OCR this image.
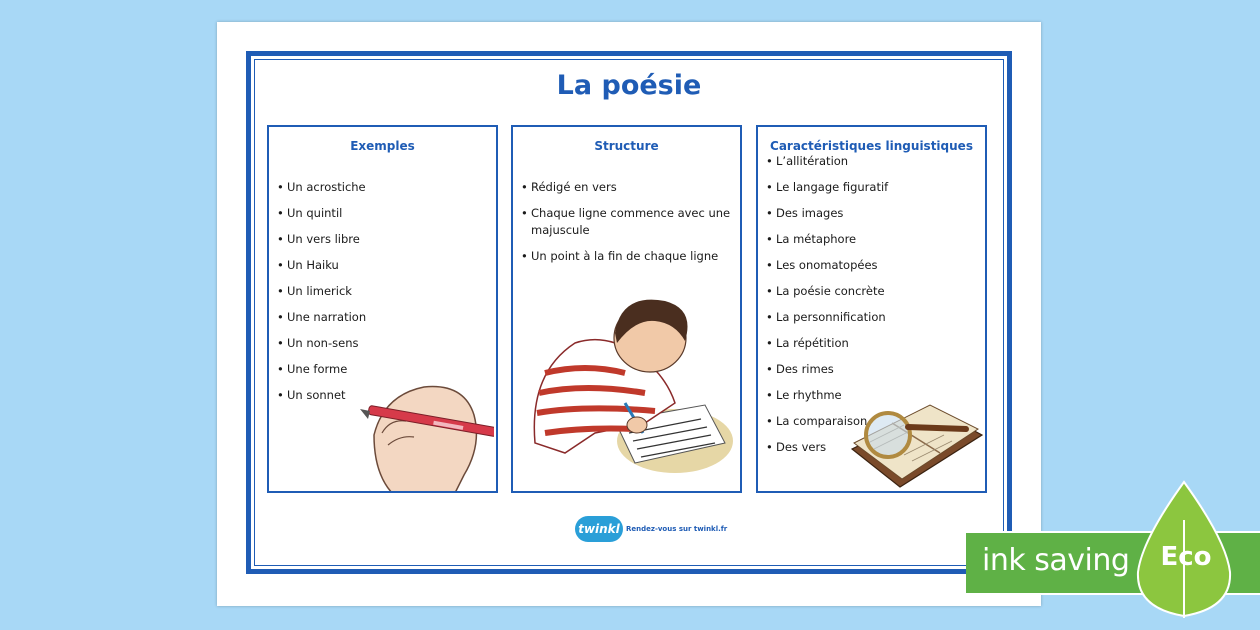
La poésie
Exemples
• Un acrostiche
• Un quintil
• Un vers libre
• Un Haiku
• Un limerick
• Une narration
• Un non-sens
• Une forme
• Un sonnet
Structure
• Rédigé en vers
• Chaque ligne commence avec une majuscule
• Un point à la fin de chaque ligne
Caractéristiques linguistiques
• L’allitération
• Le langage figuratif
• Des images
• La métaphore
• Les onomatopées
• La poésie concrète
• La personnification
• La répétition
• Des rimes
• Le rhythme
• La comparaison
• Des vers
twinkl Rendez-vous sur twinkl.fr
ink saving Eco
